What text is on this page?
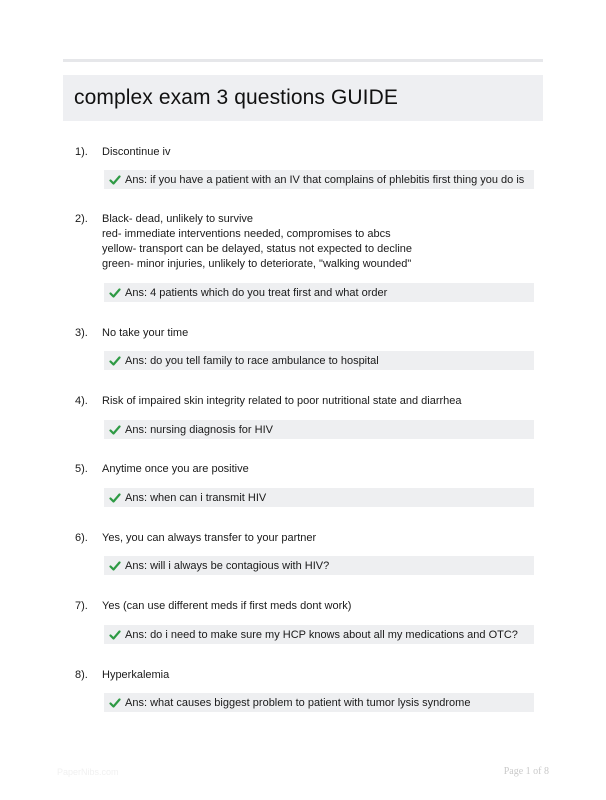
complex exam 3 questions GUIDE
1). Discontinue iv
Ans: if you have a patient with an IV that complains of phlebitis first thing you do is
2). Black- dead, unlikely to survive
red- immediate interventions needed, compromises to abcs
yellow- transport can be delayed, status not expected to decline
green- minor injuries, unlikely to deteriorate, "walking wounded"
Ans: 4 patients which do you treat first and what order
3). No take your time
Ans: do you tell family to race ambulance to hospital
4). Risk of impaired skin integrity related to poor nutritional state and diarrhea
Ans: nursing diagnosis for HIV
5). Anytime once you are positive
Ans: when can i transmit HIV
6). Yes, you can always transfer to your partner
Ans: will i always be contagious with HIV?
7). Yes (can use different meds if first meds dont work)
Ans: do i need to make sure my HCP knows about all my medications and OTC?
8). Hyperkalemia
Ans: what causes biggest problem to patient with tumor lysis syndrome
PaperNibs.com	Page 1 of 8
